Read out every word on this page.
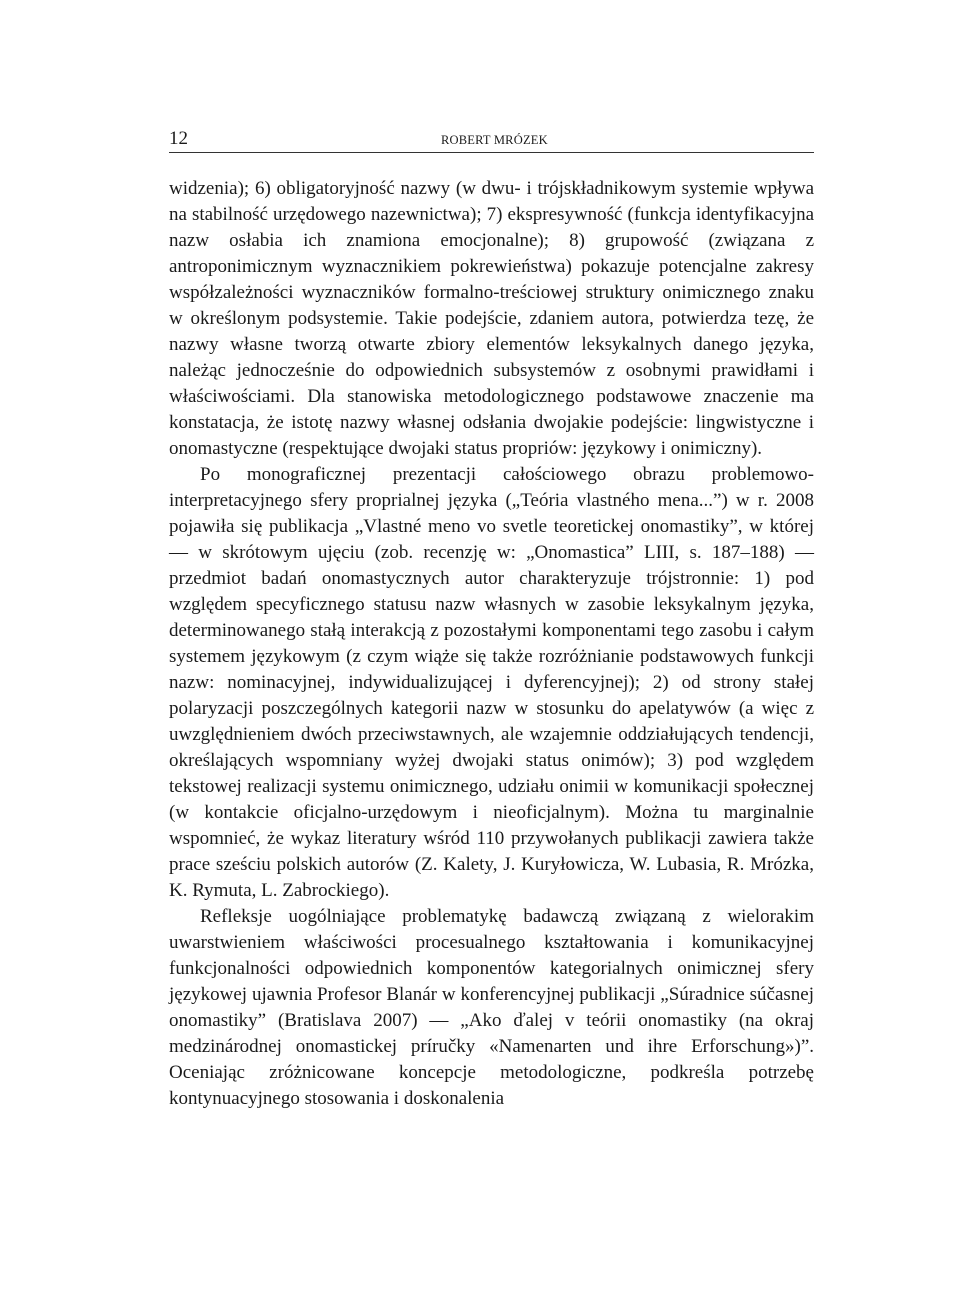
12	ROBERT MRÓZEK

widzenia); 6) obligatoryjność nazwy (w dwu- i trójskładnikowym systemie wpływa na stabilność urzędowego nazewnictwa); 7) ekspresywność (funkcja identyfikacyjna nazw osłabia ich znamiona emocjonalne); 8) grupowość (związana z antroponimicznym wyznacznikiem pokrewieństwa) pokazuje potencjalne zakresy współzależności wyznaczników formalno-treściowej struktury onimicznego znaku w określonym podsystemie. Takie podejście, zdaniem autora, potwierdza tezę, że nazwy własne tworzą otwarte zbiory elementów leksykalnych danego języka, należąc jednocześnie do odpowiednich subsystemów z osobnymi prawidłami i właściwościami. Dla stanowiska metodologicznego podstawowe znaczenie ma konstatacja, że istotę nazwy własnej odsłania dwojakie podejście: lingwistyczne i onomastyczne (respektujące dwojaki status propriów: językowy i onimiczny).

Po monograficznej prezentacji całościowego obrazu problemowo-interpretacyjnego sfery proprialnej języka („Teória vlastného mena...”) w r. 2008 pojawiła się publikacja „Vlastné meno vo svetle teoretickej onomastiky”, w której — w skrótowym ujęciu (zob. recenzję w: „Onomastica” LIII, s. 187–188) — przedmiot badań onomastycznych autor charakteryzuje trójstronnie: 1) pod względem specyficznego statusu nazw własnych w zasobie leksykalnym języka, determinowanego stałą interakcją z pozostałymi komponentami tego zasobu i całym systemem językowym (z czym wiąże się także rozróżnianie podstawowych funkcji nazw: nominacyjnej, indywidualizującej i dyferencyjnej); 2) od strony stałej polaryzacji poszczególnych kategorii nazw w stosunku do apelatywów (a więc z uwzględnieniem dwóch przeciwstawnych, ale wzajemnie oddziałujących tendencji, określających wspomniany wyżej dwojaki status onimów); 3) pod względem tekstowej realizacji systemu onimicznego, udziału onimii w komunikacji społecznej (w kontakcie oficjalno-urzędowym i nieoficjalnym). Można tu marginalnie wspomnieć, że wykaz literatury wśród 110 przywołanych publikacji zawiera także prace sześciu polskich autorów (Z. Kalety, J. Kuryłowicza, W. Lubasia, R. Mrózka, K. Rymuta, L. Zabrockiego).

Refleksje uogólniające problematykę badawczą związaną z wielorakim uwarstwieniem właściwości procesualnego kształtowania i komunikacyjnej funkcjonalności odpowiednich komponentów kategorialnych onimicznej sfery językowej ujawnia Profesor Blanár w konferencyjnej publikacji „Súradnice súčasnej onomastiky” (Bratislava 2007) — „Ako ďalej v teórii onomastiky (na okraj medzinárodnej onomastickej príručky «Namenarten und ihre Erforschung»)”. Oceniając zróżnicowane koncepcje metodologiczne, podkreśla potrzebę kontynuacyjnego stosowania i doskonalenia
